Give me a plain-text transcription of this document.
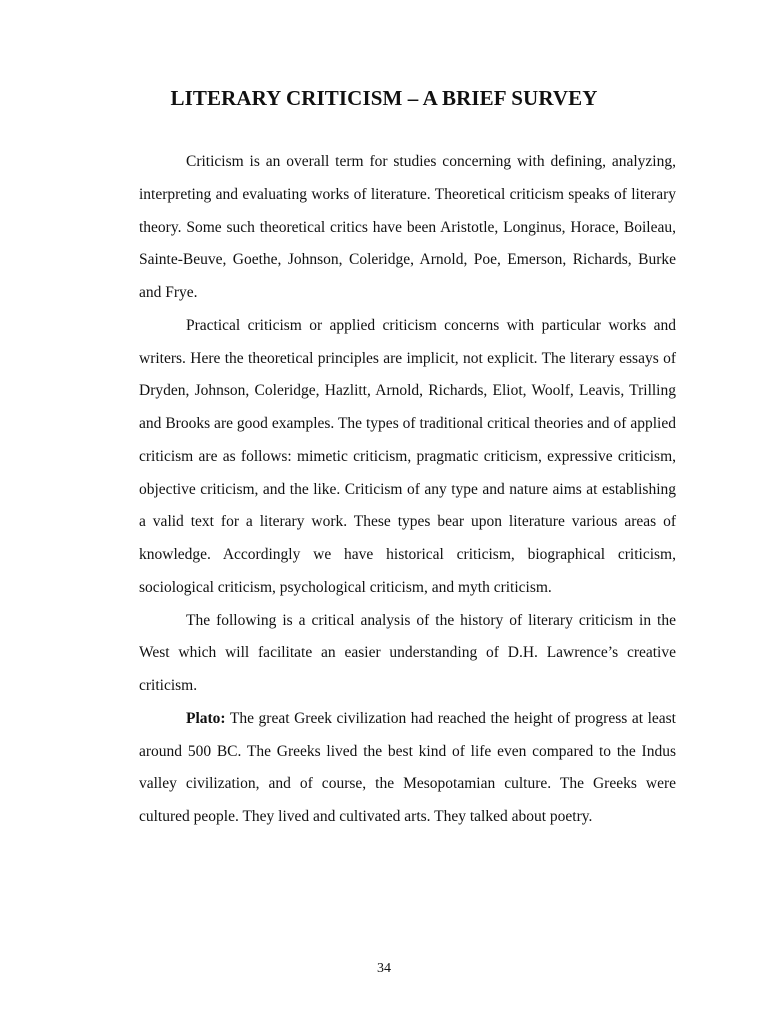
LITERARY CRITICISM – A BRIEF SURVEY

Criticism is an overall term for studies concerning with defining, analyzing, interpreting and evaluating works of literature. Theoretical criticism speaks of literary theory. Some such theoretical critics have been Aristotle, Longinus, Horace, Boileau, Sainte-Beuve, Goethe, Johnson, Coleridge, Arnold, Poe, Emerson, Richards, Burke and Frye.

Practical criticism or applied criticism concerns with particular works and writers. Here the theoretical principles are implicit, not explicit. The literary essays of Dryden, Johnson, Coleridge, Hazlitt, Arnold, Richards, Eliot, Woolf, Leavis, Trilling and Brooks are good examples. The types of traditional critical theories and of applied criticism are as follows: mimetic criticism, pragmatic criticism, expressive criticism, objective criticism, and the like. Criticism of any type and nature aims at establishing a valid text for a literary work. These types bear upon literature various areas of knowledge. Accordingly we have historical criticism, biographical criticism, sociological criticism, psychological criticism, and myth criticism.

The following is a critical analysis of the history of literary criticism in the West which will facilitate an easier understanding of D.H. Lawrence’s creative criticism.

Plato: The great Greek civilization had reached the height of progress at least around 500 BC. The Greeks lived the best kind of life even compared to the Indus valley civilization, and of course, the Mesopotamian culture. The Greeks were cultured people. They lived and cultivated arts. They talked about poetry.

34
